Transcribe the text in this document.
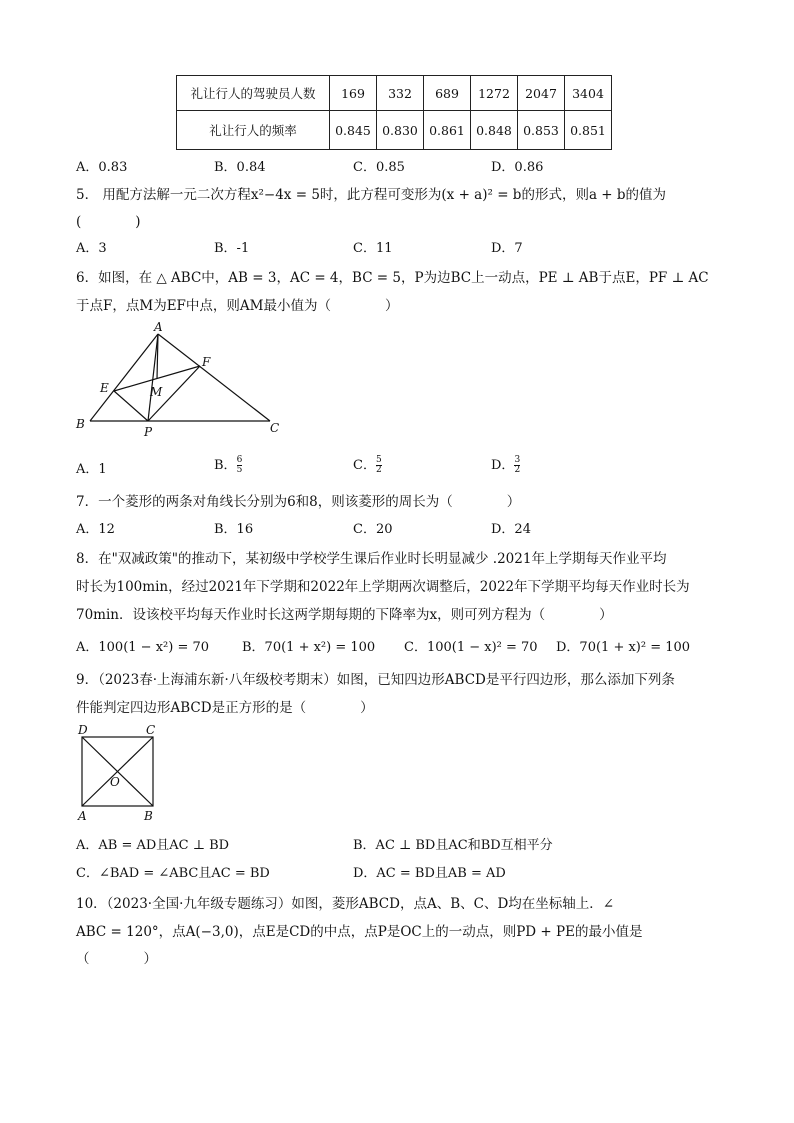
礼让行人的驾驶员人数	169	332	689	1272	2047	3404
礼让行人的频率	0.845	0.830	0.861	0.848	0.853	0.851
A．0.83	B．0.84	C．0.85	D．0.86
5． 用配方法解一元二次方程x²−4x = 5时，此方程可变形为(x + a)² = b的形式，则a + b的值为
(　　　　)
A．3	B．-1	C．11	D．7
6．如图，在 △ ABC中，AB = 3，AC = 4，BC = 5，P为边BC上一动点，PE ⊥ AB于点E，PF ⊥ AC
于点F，点M为EF中点，则AM最小值为（　　　　）
A
B	C
E
F
M
P
A．1	B． $\frac{6}{5}$	C． $\frac{5}{2}$	D． $\frac{3}{2}$
7．一个菱形的两条对角线长分别为6和8，则该菱形的周长为（　　　　）
A．12	B．16	C．20	D．24
8．在"双减政策"的推动下，某初级中学校学生课后作业时长明显减少 .2021年上学期每天作业平均
时长为100min，经过2021年下学期和2022年上学期两次调整后，2022年下学期平均每天作业时长为
70min．设该校平均每天作业时长这两学期每期的下降率为x，则可列方程为（　　　　）
A．100(1 − x²) = 70	B．70(1 + x²) = 100 C．100(1 − x)² = 70 D．70(1 + x)² = 100
9．（2023春·上海浦东新·八年级校考期末）如图，已知四边形ABCD是平行四边形，那么添加下列条
件能判定四边形ABCD是正方形的是（　　　　）
D	C
A	B
O
A．AB = AD且AC ⊥ BD	B．AC ⊥ BD且AC和BD互相平分
C．∠BAD = ∠ABC且AC = BD	D．AC = BD且AB = AD
10．（2023·全国·九年级专题练习）如图，菱形ABCD，点A、B、C、D均在坐标轴上．∠
ABC = 120°，点A(−3,0)，点E是CD的中点，点P是OC上的一动点，则PD + PE的最小值是
（　　　　）
